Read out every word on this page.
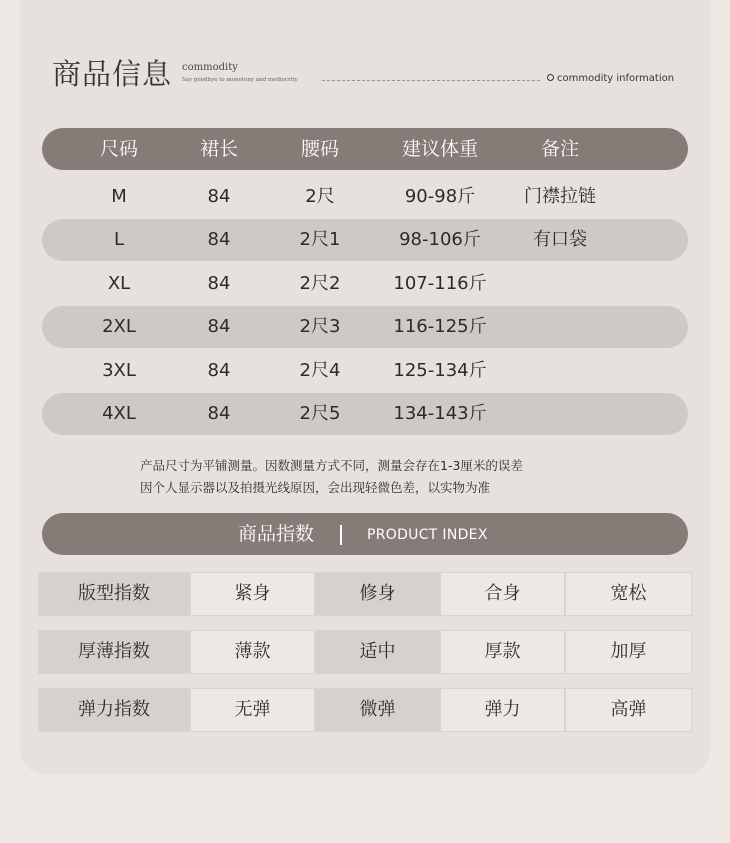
商品信息 commodity
Say goodbye to monotony and mediocrity	commodity information
尺码	裙长	腰码	建议体重	备注
M	84	2尺	90-98斤	门襟拉链
L	84	2尺1	98-106斤	有口袋
XL	84	2尺2	107-116斤
2XL	84	2尺3	116-125斤
3XL	84	2尺4	125-134斤
4XL	84	2尺5	134-143斤
产品尺寸为平铺测量。因数测量方式不同，测量会存在1-3厘米的误差
因个人显示器以及拍摄光线原因，会出现轻微色差，以实物为准
商品指数	PRODUCT INDEX
版型指数	紧身	修身	合身	宽松
厚薄指数	薄款	适中	厚款	加厚
弹力指数	无弹	微弹	弹力	高弹
